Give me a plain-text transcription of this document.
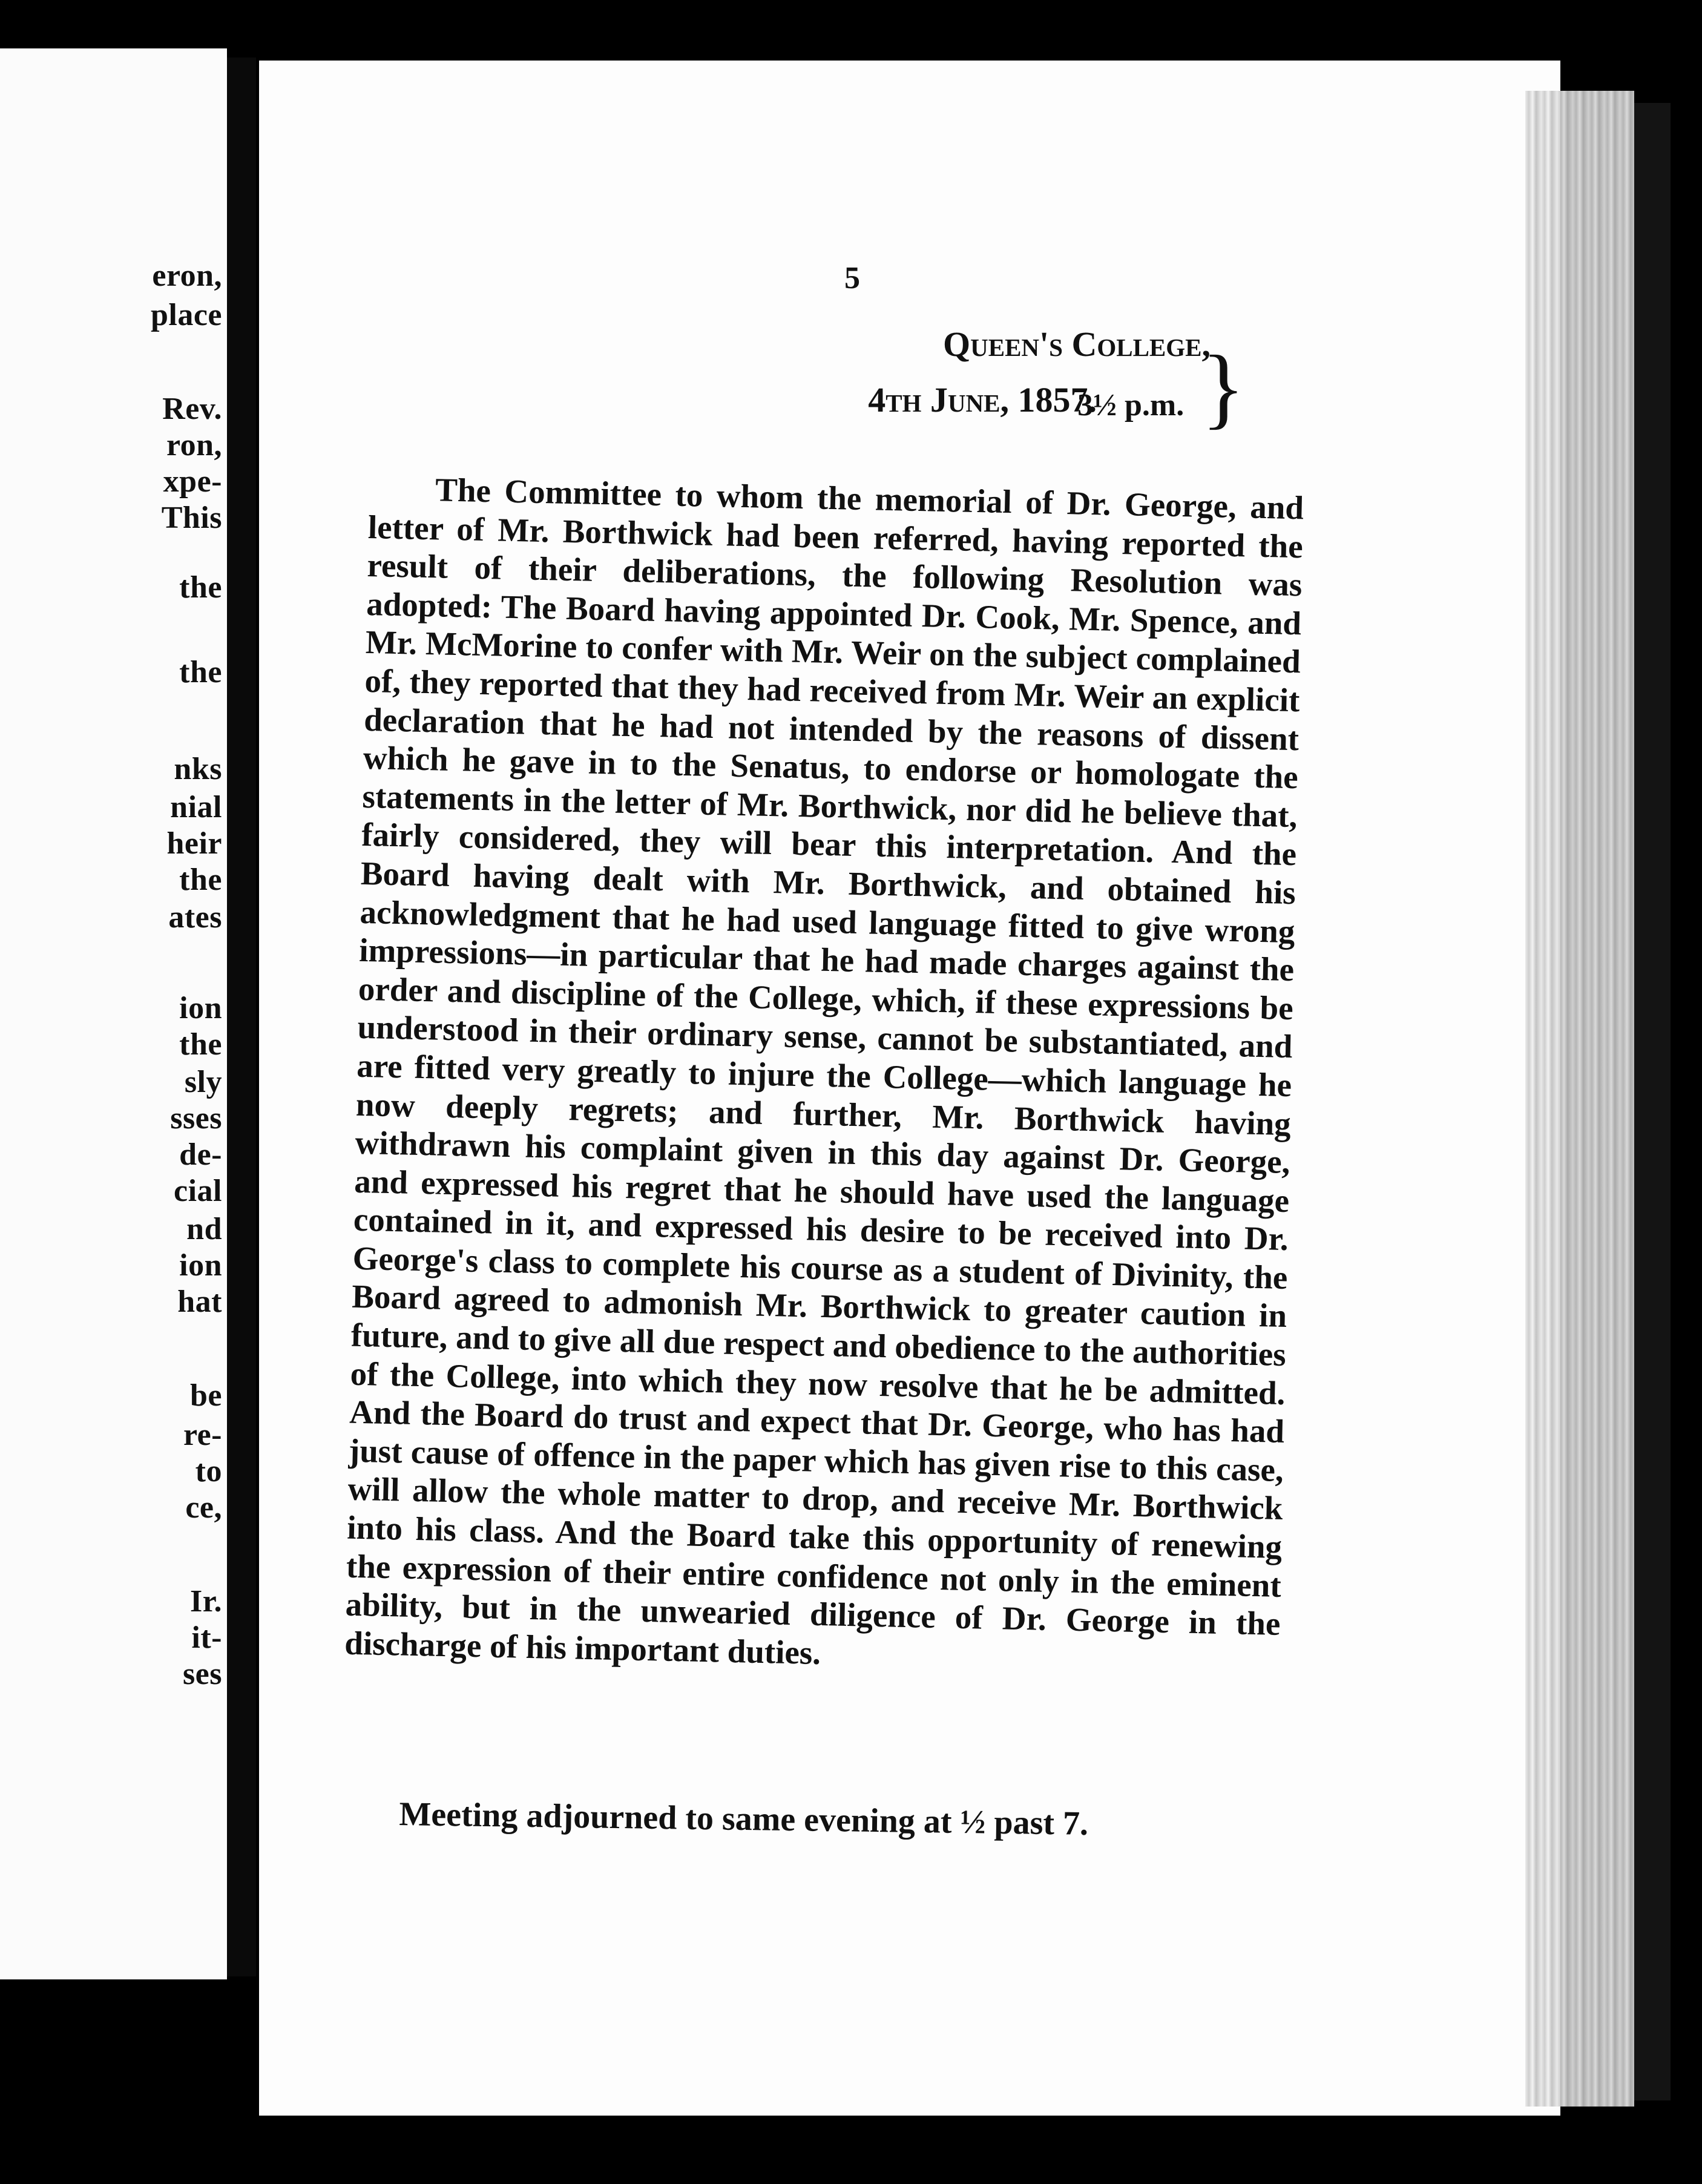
eron,
place
Rev.
ron,
xpe-
This
the
the
nks
nial
heir
the
ates
ion
the
sly
sses
de-
cial
nd
ion
hat
be
re-
to
ce,
Ir.
it-
ses
5
Queen's College,
4th June, 1857.
3½ p.m. }
The Committee to whom the memorial of Dr. George, and letter of Mr. Borthwick had been referred, having reported the result of their deliberations, the following Resolution was adopted: The Board having appointed Dr. Cook, Mr. Spence, and Mr. McMorine to confer with Mr. Weir on the subject complained of, they reported that they had received from Mr. Weir an explicit declaration that he had not intended by the reasons of dissent which he gave in to the Senatus, to endorse or homologate the statements in the letter of Mr. Borthwick, nor did he believe that, fairly considered, they will bear this interpretation. And the Board having dealt with Mr. Borthwick, and obtained his acknowledgment that he had used language fitted to give wrong impressions—in particular that he had made charges against the order and discipline of the College, which, if these expressions be understood in their ordinary sense, cannot be substantiated, and are fitted very greatly to injure the College—which language he now deeply regrets; and further, Mr. Borthwick having withdrawn his complaint given in this day against Dr. George, and expressed his regret that he should have used the language contained in it, and expressed his desire to be received into Dr. George's class to complete his course as a student of Divinity, the Board agreed to admonish Mr. Borthwick to greater caution in future, and to give all due respect and obedience to the authorities of the College, into which they now resolve that he be admitted. And the Board do trust and expect that Dr. George, who has had just cause of offence in the paper which has given rise to this case, will allow the whole matter to drop, and receive Mr. Borthwick into his class. And the Board take this opportunity of renewing the expression of their entire confidence not only in the eminent ability, but in the unwearied diligence of Dr. George in the discharge of his important duties.
Meeting adjourned to same evening at ½ past 7.
